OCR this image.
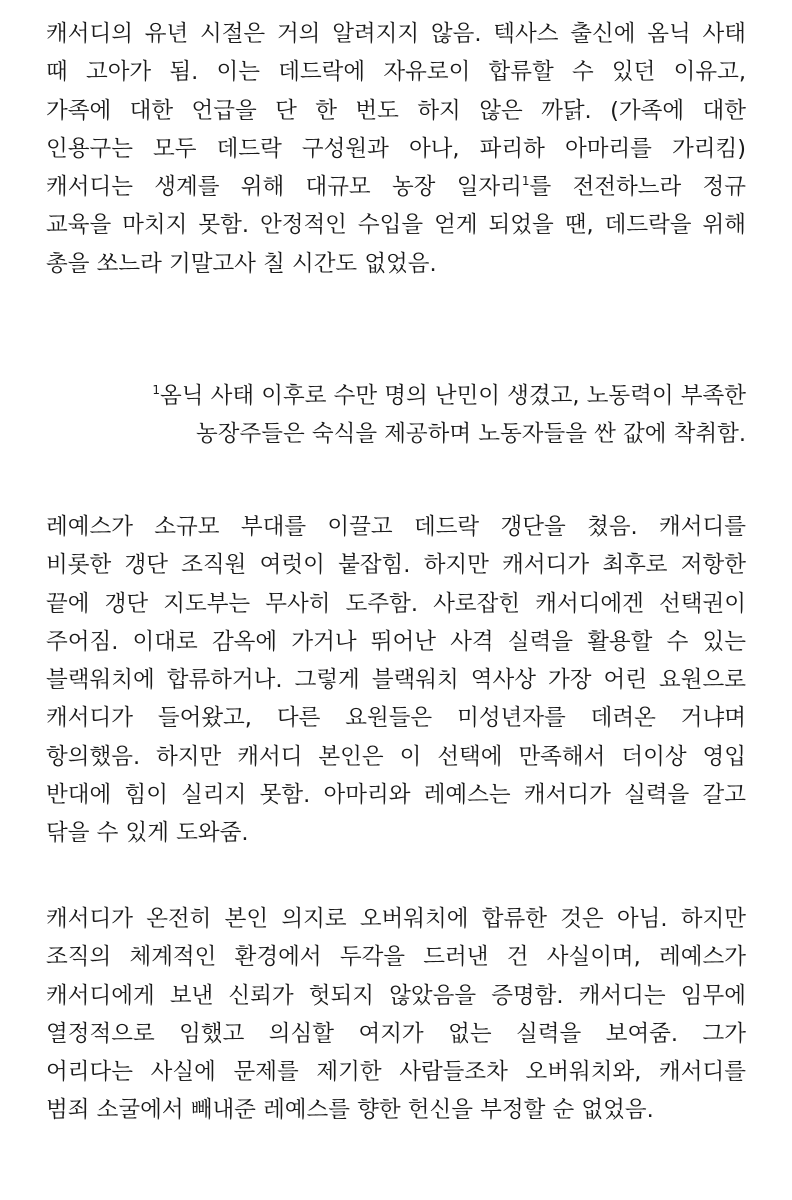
캐서디의 유년 시절은 거의 알려지지 않음. 텍사스 출신에 옴닉 사태
때 고아가 됨. 이는 데드락에 자유로이 합류할 수 있던 이유고,
가족에 대한 언급을 단 한 번도 하지 않은 까닭. (가족에 대한
인용구는 모두 데드락 구성원과 아나, 파리하 아마리를 가리킴)
캐서디는 생계를 위해 대규모 농장 일자리$^1$를 전전하느라 정규
교육을 마치지 못함. 안정적인 수입을 얻게 되었을 땐, 데드락을 위해
총을 쏘느라 기말고사 칠 시간도 없었음.
$^1$옴닉 사태 이후로 수만 명의 난민이 생겼고, 노동력이 부족한
농장주들은 숙식을 제공하며 노동자들을 싼 값에 착취함.
레예스가 소규모 부대를 이끌고 데드락 갱단을 쳤음. 캐서디를
비롯한 갱단 조직원 여럿이 붙잡힘. 하지만 캐서디가 최후로 저항한
끝에 갱단 지도부는 무사히 도주함. 사로잡힌 캐서디에겐 선택권이
주어짐. 이대로 감옥에 가거나 뛰어난 사격 실력을 활용할 수 있는
블랙워치에 합류하거나. 그렇게 블랙워치 역사상 가장 어린 요원으로
캐서디가 들어왔고, 다른 요원들은 미성년자를 데려온 거냐며
항의했음. 하지만 캐서디 본인은 이 선택에 만족해서 더이상 영입
반대에 힘이 실리지 못함. 아마리와 레예스는 캐서디가 실력을 갈고
닦을 수 있게 도와줌.
캐서디가 온전히 본인 의지로 오버워치에 합류한 것은 아님. 하지만
조직의 체계적인 환경에서 두각을 드러낸 건 사실이며, 레예스가
캐서디에게 보낸 신뢰가 헛되지 않았음을 증명함. 캐서디는 임무에
열정적으로 임했고 의심할 여지가 없는 실력을 보여줌. 그가
어리다는 사실에 문제를 제기한 사람들조차 오버워치와, 캐서디를
범죄 소굴에서 빼내준 레예스를 향한 헌신을 부정할 순 없었음.
